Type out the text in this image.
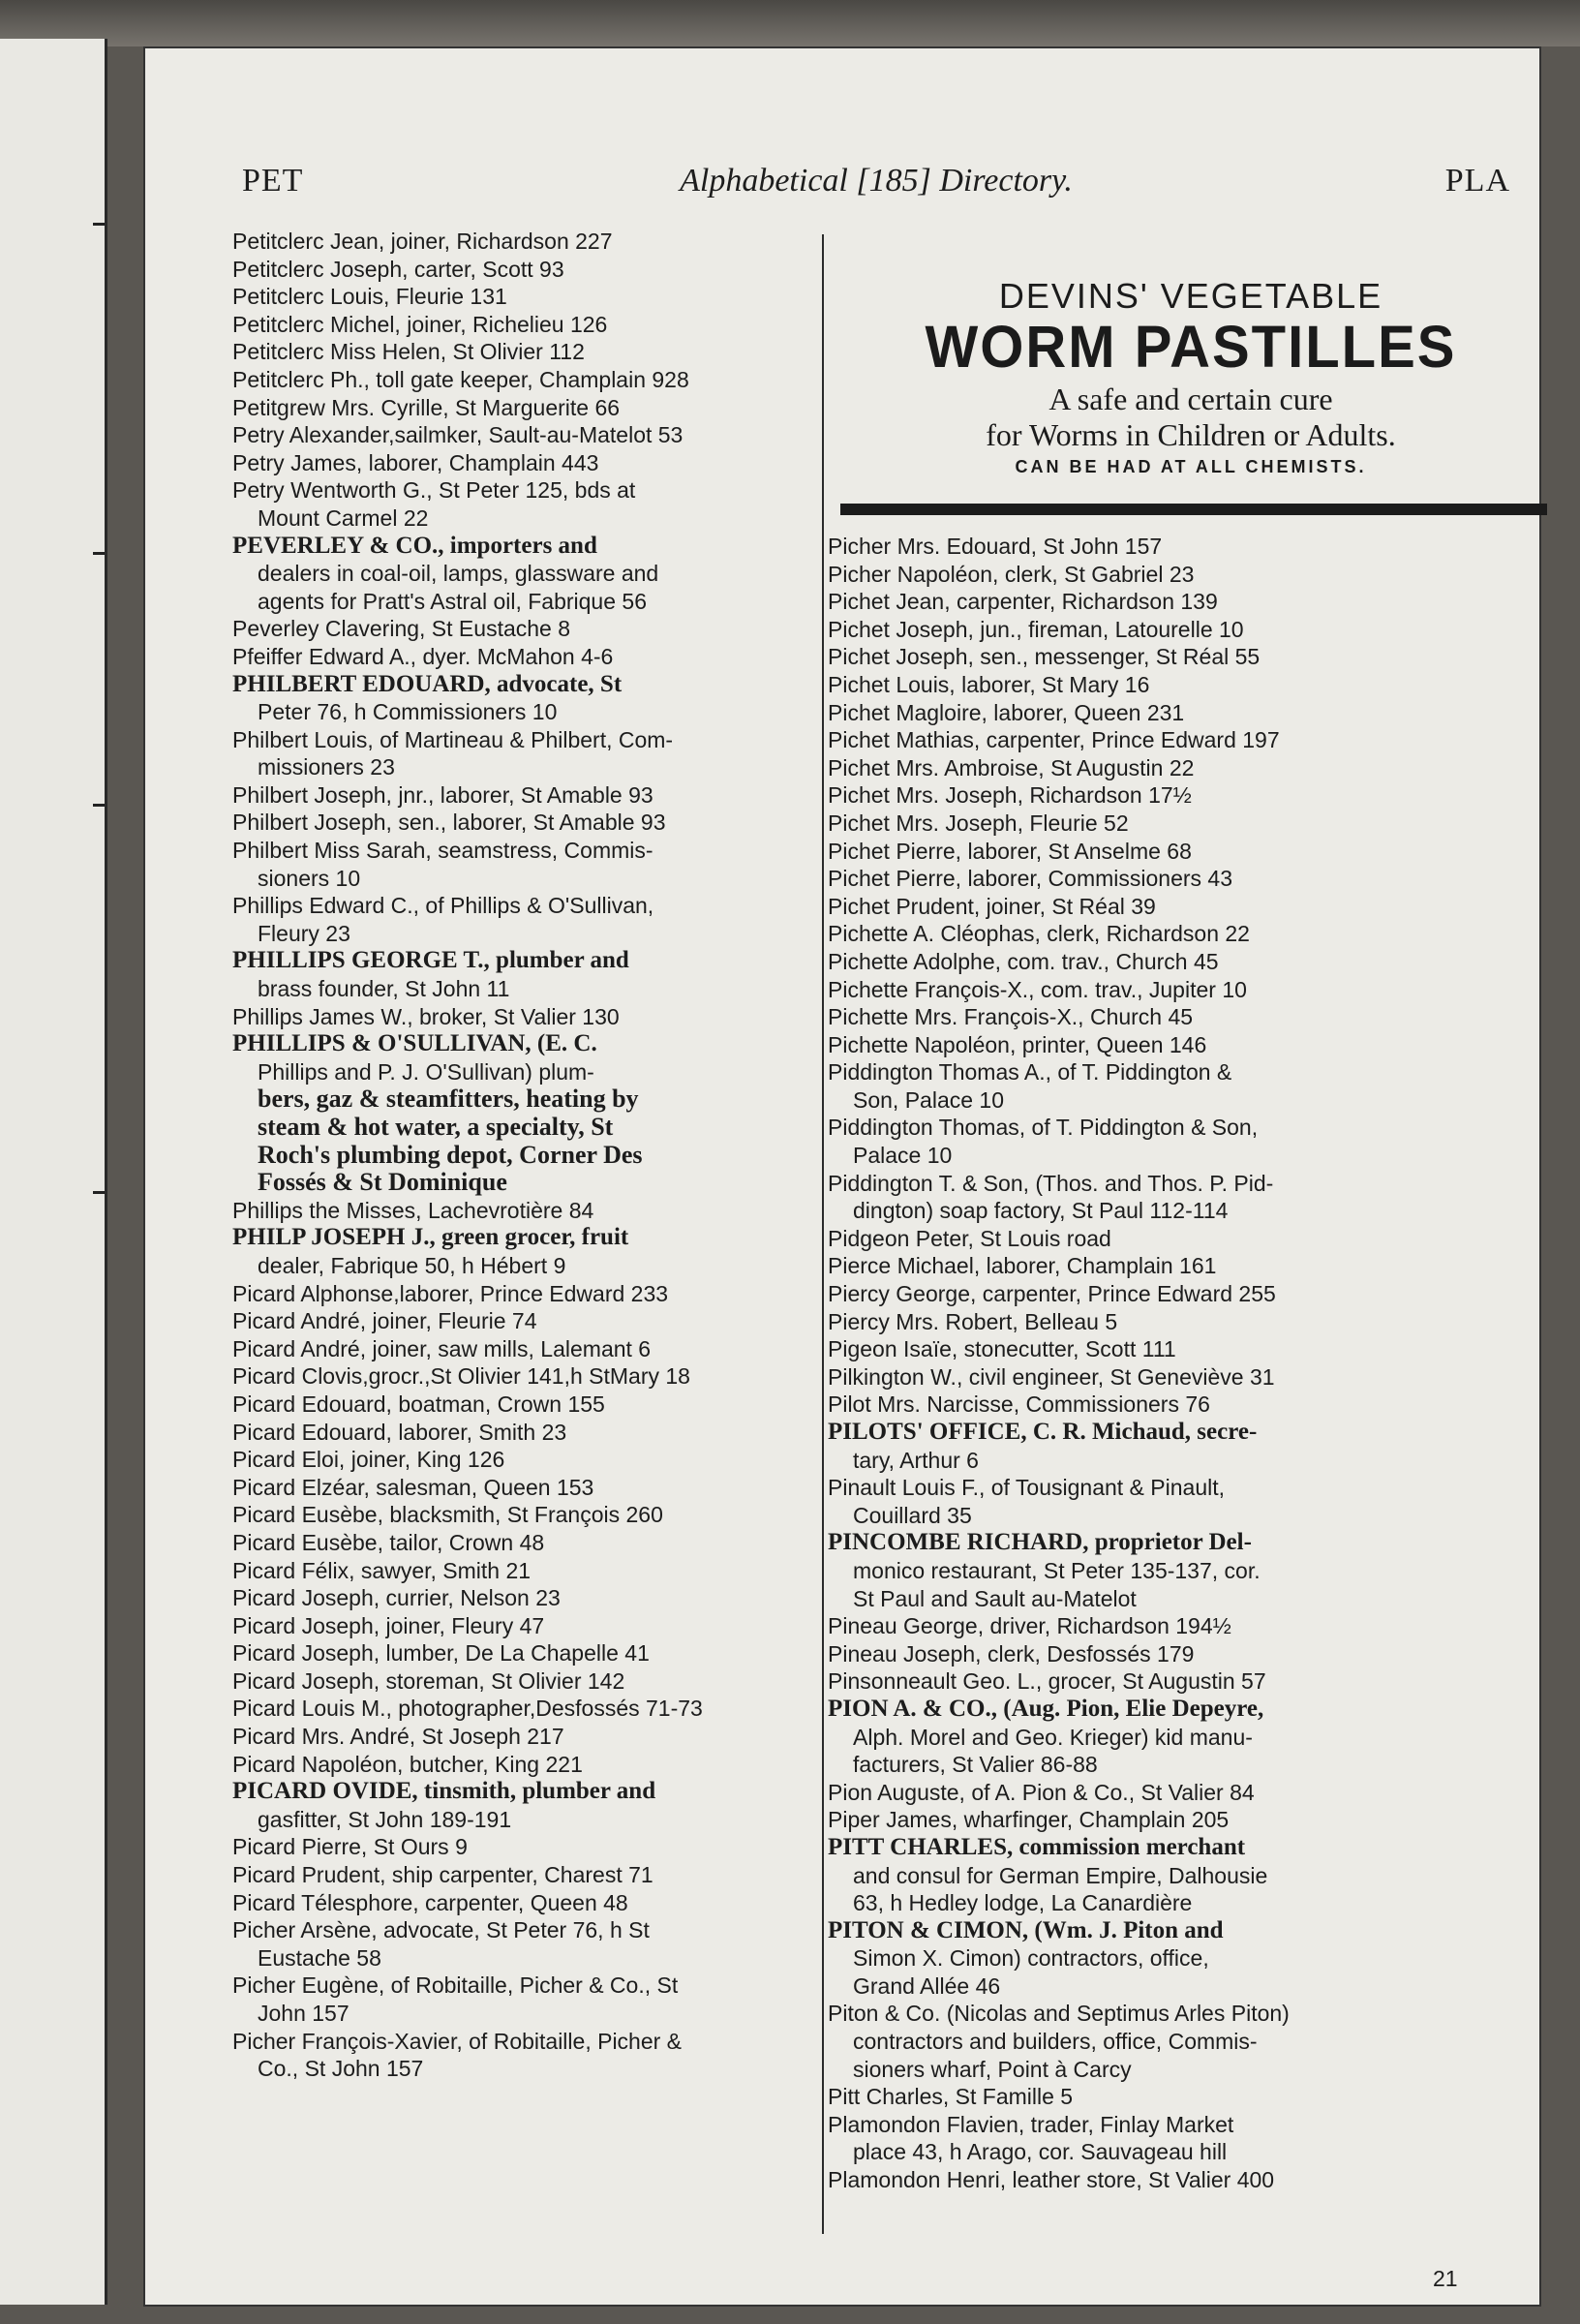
PET	Alphabetical [185] Directory.	PLA
Petitclerc Jean, joiner, Richardson 227
Petitclerc Joseph, carter, Scott 93
Petitclerc Louis, Fleurie 131
Petitclerc Michel, joiner, Richelieu 126
Petitclerc Miss Helen, St Olivier 112
Petitclerc Ph., toll gate keeper, Champlain 928
Petitgrew Mrs. Cyrille, St Marguerite 66
Petry Alexander,sailmker, Sault-au-Matelot 53
Petry James, laborer, Champlain 443
Petry Wentworth G., St Peter 125, bds at
Mount Carmel 22
PEVERLEY & CO., importers and
dealers in coal-oil, lamps, glassware and
agents for Pratt's Astral oil, Fabrique 56
Peverley Clavering, St Eustache 8
Pfeiffer Edward A., dyer. McMahon 4-6
PHILBERT EDOUARD, advocate, St
Peter 76, h Commissioners 10
Philbert Louis, of Martineau & Philbert, Com-
missioners 23
Philbert Joseph, jnr., laborer, St Amable 93
Philbert Joseph, sen., laborer, St Amable 93
Philbert Miss Sarah, seamstress, Commis-
sioners 10
Phillips Edward C., of Phillips & O'Sullivan,
Fleury 23
PHILLIPS GEORGE T., plumber and
brass founder, St John 11
Phillips James W., broker, St Valier 130
PHILLIPS & O'SULLIVAN, (E. C.
Phillips and P. J. O'Sullivan) plum-
bers, gaz & steamfitters, heating by
steam & hot water, a specialty, St
Roch's plumbing depot, Corner Des
Fossés & St Dominique
Phillips the Misses, Lachevrotière 84
PHILP JOSEPH J., green grocer, fruit
dealer, Fabrique 50, h Hébert 9
Picard Alphonse,laborer, Prince Edward 233
Picard André, joiner, Fleurie 74
Picard André, joiner, saw mills, Lalemant 6
Picard Clovis,grocr.,St Olivier 141,h StMary 18
Picard Edouard, boatman, Crown 155
Picard Edouard, laborer, Smith 23
Picard Eloi, joiner, King 126
Picard Elzéar, salesman, Queen 153
Picard Eusèbe, blacksmith, St François 260
Picard Eusèbe, tailor, Crown 48
Picard Félix, sawyer, Smith 21
Picard Joseph, currier, Nelson 23
Picard Joseph, joiner, Fleury 47
Picard Joseph, lumber, De La Chapelle 41
Picard Joseph, storeman, St Olivier 142
Picard Louis M., photographer,Desfossés 71-73
Picard Mrs. André, St Joseph 217
Picard Napoléon, butcher, King 221
PICARD OVIDE, tinsmith, plumber and
gasfitter, St John 189-191
Picard Pierre, St Ours 9
Picard Prudent, ship carpenter, Charest 71
Picard Télesphore, carpenter, Queen 48
Picher Arsène, advocate, St Peter 76, h St
Eustache 58
Picher Eugène, of Robitaille, Picher & Co., St
John 157
Picher François-Xavier, of Robitaille, Picher &
Co., St John 157
DEVINS' VEGETABLE
WORM PASTILLES
A safe and certain cure
for Worms in Children or Adults.
CAN BE HAD AT ALL CHEMISTS.
Picher Mrs. Edouard, St John 157
Picher Napoléon, clerk, St Gabriel 23
Pichet Jean, carpenter, Richardson 139
Pichet Joseph, jun., fireman, Latourelle 10
Pichet Joseph, sen., messenger, St Réal 55
Pichet Louis, laborer, St Mary 16
Pichet Magloire, laborer, Queen 231
Pichet Mathias, carpenter, Prince Edward 197
Pichet Mrs. Ambroise, St Augustin 22
Pichet Mrs. Joseph, Richardson 17½
Pichet Mrs. Joseph, Fleurie 52
Pichet Pierre, laborer, St Anselme 68
Pichet Pierre, laborer, Commissioners 43
Pichet Prudent, joiner, St Réal 39
Pichette A. Cléophas, clerk, Richardson 22
Pichette Adolphe, com. trav., Church 45
Pichette François-X., com. trav., Jupiter 10
Pichette Mrs. François-X., Church 45
Pichette Napoléon, printer, Queen 146
Piddington Thomas A., of T. Piddington &
Son, Palace 10
Piddington Thomas, of T. Piddington & Son,
Palace 10
Piddington T. & Son, (Thos. and Thos. P. Pid-
dington) soap factory, St Paul 112-114
Pidgeon Peter, St Louis road
Pierce Michael, laborer, Champlain 161
Piercy George, carpenter, Prince Edward 255
Piercy Mrs. Robert, Belleau 5
Pigeon Isaïe, stonecutter, Scott 111
Pilkington W., civil engineer, St Geneviève 31
Pilot Mrs. Narcisse, Commissioners 76
PILOTS' OFFICE, C. R. Michaud, secre-
tary, Arthur 6
Pinault Louis F., of Tousignant & Pinault,
Couillard 35
PINCOMBE RICHARD, proprietor Del-
monico restaurant, St Peter 135-137, cor.
St Paul and Sault au-Matelot
Pineau George, driver, Richardson 194½
Pineau Joseph, clerk, Desfossés 179
Pinsonneault Geo. L., grocer, St Augustin 57
PION A. & CO., (Aug. Pion, Elie Depeyre,
Alph. Morel and Geo. Krieger) kid manu-
facturers, St Valier 86-88
Pion Auguste, of A. Pion & Co., St Valier 84
Piper James, wharfinger, Champlain 205
PITT CHARLES, commission merchant
and consul for German Empire, Dalhousie
63, h Hedley lodge, La Canardière
PITON & CIMON, (Wm. J. Piton and
Simon X. Cimon) contractors, office,
Grand Allée 46
Piton & Co. (Nicolas and Septimus Arles Piton)
contractors and builders, office, Commis-
sioners wharf, Point à Carcy
Pitt Charles, St Famille 5
Plamondon Flavien, trader, Finlay Market
place 43, h Arago, cor. Sauvageau hill
Plamondon Henri, leather store, St Valier 400
21
